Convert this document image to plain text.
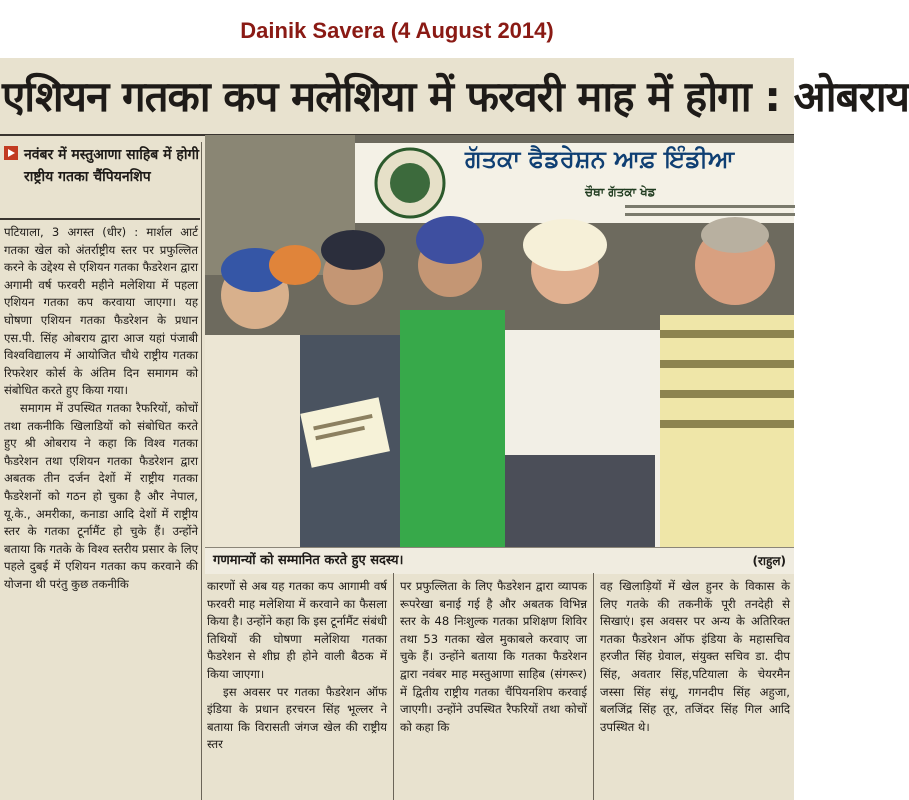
Dainik Savera (4 August 2014)
एशियन गतका कप मलेशिया में फरवरी माह में होगा : ओबराय
नवंबर में मस्तुआणा साहिब में होगी राष्ट्रीय गतका चैंपियनशिप

पटियाला, 3 अगस्त (धीर) : मार्शल आर्ट गतका खेल को अंतर्राष्ट्रीय स्तर पर प्रफुल्लित करने के उद्देश्य से एशियन गतका फैडरेशन द्वारा अगामी वर्ष फरवरी महीने मलेशिया में पहला एशियन गतका कप करवाया जाएगा। यह घोषणा एशियन गतका फैडरेशन के प्रधान एस.पी. सिंह ओबराय द्वारा आज यहां पंजाबी विश्वविद्यालय में आयोजित चौथे राष्ट्रीय गतका रिफरेशर कोर्स के अंतिम दिन समागम को संबोधित करते हुए किया गया।

समागम में उपस्थित गतका रैफरियों, कोचों तथा तकनीकि खिलाडियों को संबोधित करते हुए श्री ओबराय ने कहा कि विश्व गतका फैडरेशन तथा एशियन गतका फैडरेशन द्वारा अबतक तीन दर्जन देशों में राष्ट्रीय गतका फैडरेशनों को गठन हो चुका है और नेपाल, यू.के., अमरीका, कनाडा आदि देशों में राष्ट्रीय स्तर के गतका टूर्नामैंट हो चुके हैं। उन्होंने बताया कि गतके के विश्व स्तरीय प्रसार के लिए पहले दुबई में एशियन गतका कप करवाने की योजना थी परंतु कुछ तकनीकि

ਗੱਤਕਾ ਫੈਡਰੇਸ਼ਨ ਆਫ਼ ਇੰਡੀਆ
ਚੌਥਾ ਗੱਤਕਾ ਖੇਡ
गणमान्यों को सम्मानित करते हुए सदस्य।	(राहुल)

कारणों से अब यह गतका कप आगामी वर्ष फरवरी माह मलेशिया में करवाने का फैसला किया है। उन्होंने कहा कि इस टूर्नामैंट संबंधी तिथियों की घोषणा मलेशिया गतका फैडरेशन से शीघ्र ही होने वाली बैठक में किया जाएगा।

इस अवसर पर गतका फैडरेशन ऑफ इंडिया के प्रधान हरचरन सिंह भूल्लर ने बताया कि विरासती जंगज खेल की राष्ट्रीय स्तर

पर प्रफुल्लिता के लिए फैडरेशन द्वारा व्यापक रूपरेखा बनाई गई है और अबतक विभिन्न स्तर के 48 निःशुल्क गतका प्रशिक्षण शिविर तथा 53 गतका खेल मुकाबले करवाए जा चुके हैं। उन्होंने बताया कि गतका फैडरेशन द्वारा नवंबर माह मस्तुआणा साहिब (संगरूर) में द्वितीय राष्ट्रीय गतका चैंपियनशिप करवाई जाएगी। उन्होंने उपस्थित रैफरियों तथा कोचों को कहा कि

वह खिलाड़ियों में खेल हुनर के विकास के लिए गतके की तकनीकें पूरी तनदेही से सिखाएं। इस अवसर पर अन्य के अतिरिक्त गतका फैडरेशन ऑफ इंडिया के महासचिव हरजीत सिंह ग्रेवाल, संयुक्त सचिव डा. दीप सिंह, अवतार सिंह,पटियाला के चेयरमैन जस्सा सिंह संधू, गगनदीप सिंह अहुजा, बलजिंद्र सिंह तूर, तजिंदर सिंह गिल आदि उपस्थित थे।
